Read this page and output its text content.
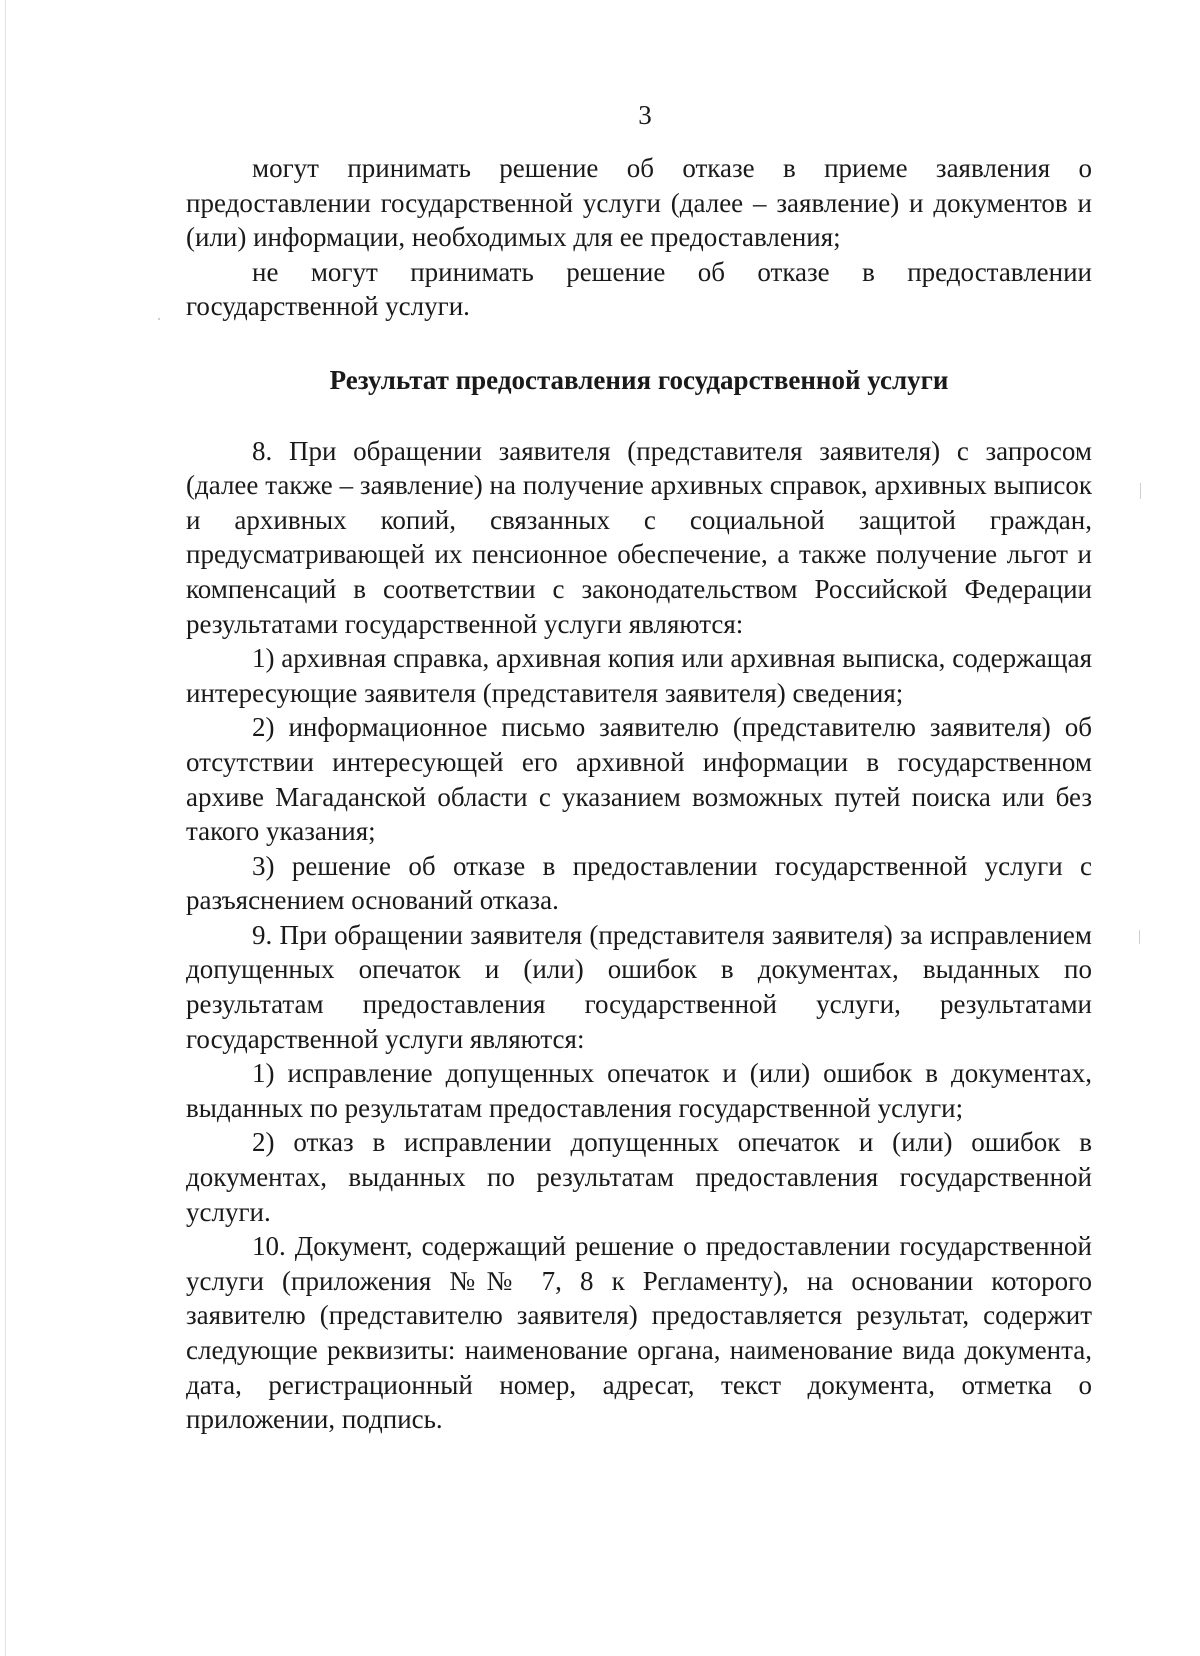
3

могут принимать решение об отказе в приеме заявления о предоставлении государственной услуги (далее – заявление) и документов и (или) информации, необходимых для ее предоставления;

не могут принимать решение об отказе в предоставлении государственной услуги.

Результат предоставления государственной услуги

8. При обращении заявителя (представителя заявителя) с запросом (далее также – заявление) на получение архивных справок, архивных выписок и архивных копий, связанных с социальной защитой граждан, предусматривающей их пенсионное обеспечение, а также получение льгот и компенсаций в соответствии с законодательством Российской Федерации результатами государственной услуги являются:

1) архивная справка, архивная копия или архивная выписка, содержащая интересующие заявителя (представителя заявителя) сведения;

2) информационное письмо заявителю (представителю заявителя) об отсутствии интересующей его архивной информации в государственном архиве Магаданской области с указанием возможных путей поиска или без такого указания;

3) решение об отказе в предоставлении государственной услуги с разъяснением оснований отказа.

9. При обращении заявителя (представителя заявителя) за исправлением допущенных опечаток и (или) ошибок в документах, выданных по результатам предоставления государственной услуги, результатами государственной услуги являются:

1) исправление допущенных опечаток и (или) ошибок в документах, выданных по результатам предоставления государственной услуги;

2) отказ в исправлении допущенных опечаток и (или) ошибок в документах, выданных по результатам предоставления государственной услуги.

10. Документ, содержащий решение о предоставлении государственной услуги (приложения №№ 7, 8 к Регламенту), на основании которого заявителю (представителю заявителя) предоставляется результат, содержит следующие реквизиты: наименование органа, наименование вида документа, дата, регистрационный номер, адресат, текст документа, отметка о приложении, подпись.
